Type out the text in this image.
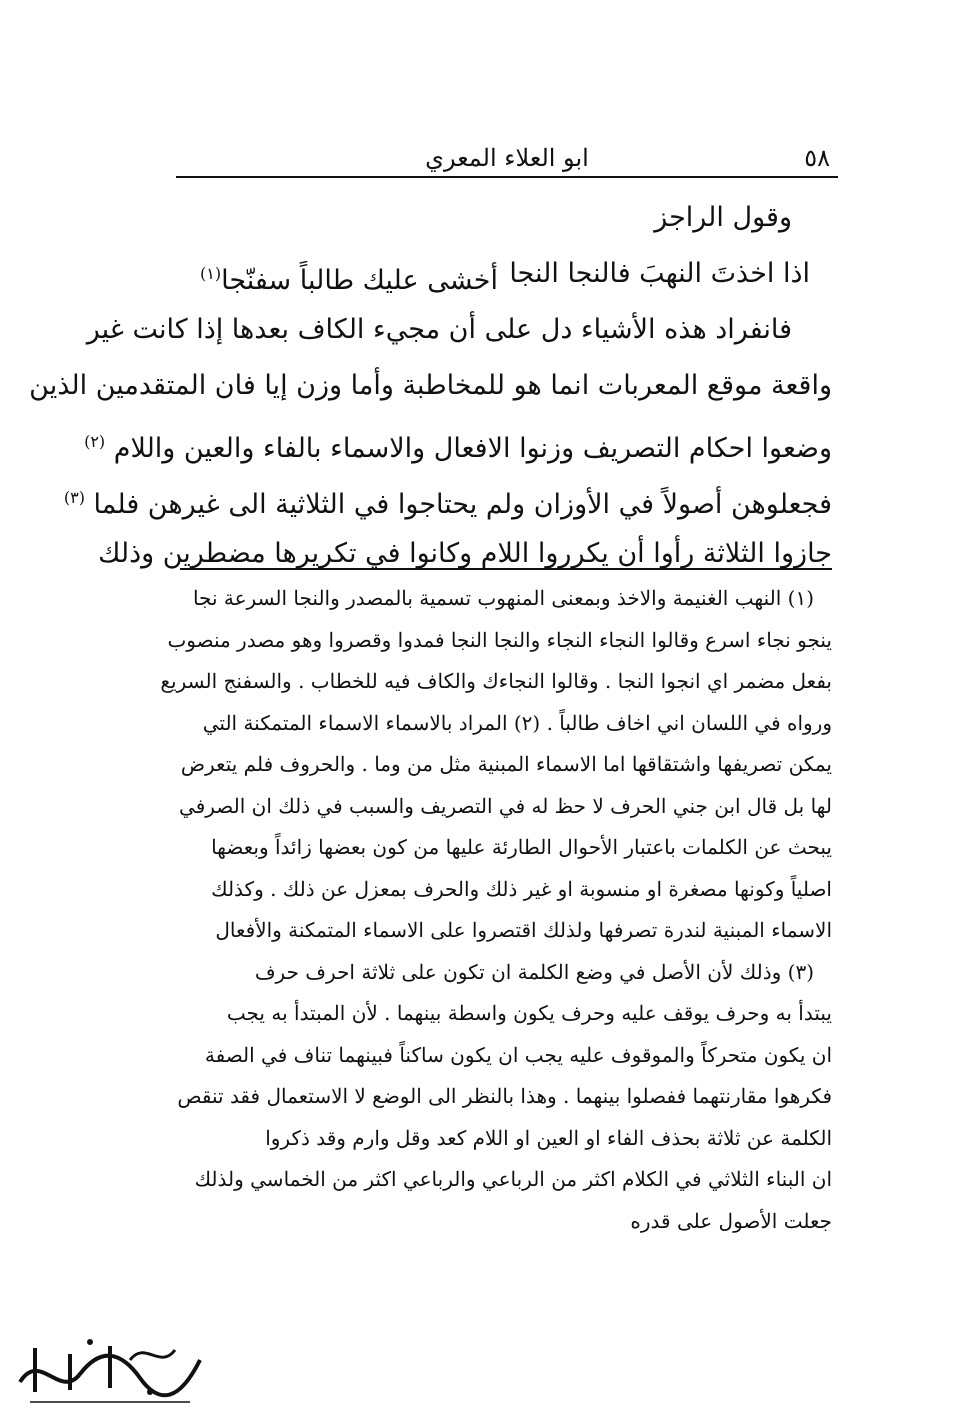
٥٨
ابو العلاء المعري
وقول الراجز
اذا اخذتَ النهبَ فالنجا النجا
أخشى عليك طالباً سفنّجا$^{(١)}$
فانفراد هذه الأشياء دل على أن مجيء الكاف بعدها إذا كانت غير
واقعة موقع المعربات انما هو للمخاطبة وأما وزن إيا فان المتقدمين الذين
وضعوا احكام التصريف وزنوا الافعال والاسماء بالفاء والعين واللام $^{(٢)}$
فجعلوهن أصولاً في الأوزان ولم يحتاجوا في الثلاثية الى غيرهن فلما $^{(٣)}$
جازوا الثلاثة رأوا أن يكرروا اللام وكانوا في تكريرها مضطرين وذلك
(١) النهب الغنيمة والاخذ وبمعنى المنهوب تسمية بالمصدر والنجا السرعة نجا
ينجو نجاء اسرع وقالوا النجاء النجاء والنجا النجا فمدوا وقصروا وهو مصدر منصوب
بفعل مضمر اي انجوا النجا . وقالوا النجاءك والكاف فيه للخطاب . والسفنج السريع
ورواه في اللسان اني اخاف طالباً . (٢) المراد بالاسماء الاسماء المتمكنة التي
يمكن تصريفها واشتقاقها اما الاسماء المبنية مثل من وما . والحروف فلم يتعرض
لها بل قال ابن جني الحرف لا حظ له في التصريف والسبب في ذلك ان الصرفي
يبحث عن الكلمات باعتبار الأحوال الطارئة عليها من كون بعضها زائداً وبعضها
اصلياً وكونها مصغرة او منسوبة او غير ذلك والحرف بمعزل عن ذلك . وكذلك
الاسماء المبنية لندرة تصرفها ولذلك اقتصروا على الاسماء المتمكنة والأفعال
(٣) وذلك لأن الأصل في وضع الكلمة ان تكون على ثلاثة احرف حرف
يبتدأ به وحرف يوقف عليه وحرف يكون واسطة بينهما . لأن المبتدأ به يجب
ان يكون متحركاً والموقوف عليه يجب ان يكون ساكناً فبينهما تناف في الصفة
فكرهوا مقارنتهما ففصلوا بينهما . وهذا بالنظر الى الوضع لا الاستعمال فقد تنقص
الكلمة عن ثلاثة بحذف الفاء او العين او اللام كعد وقل وارم وقد ذكروا
ان البناء الثلاثي في الكلام اكثر من الرباعي والرباعي اكثر من الخماسي ولذلك
جعلت الأصول على قدره
